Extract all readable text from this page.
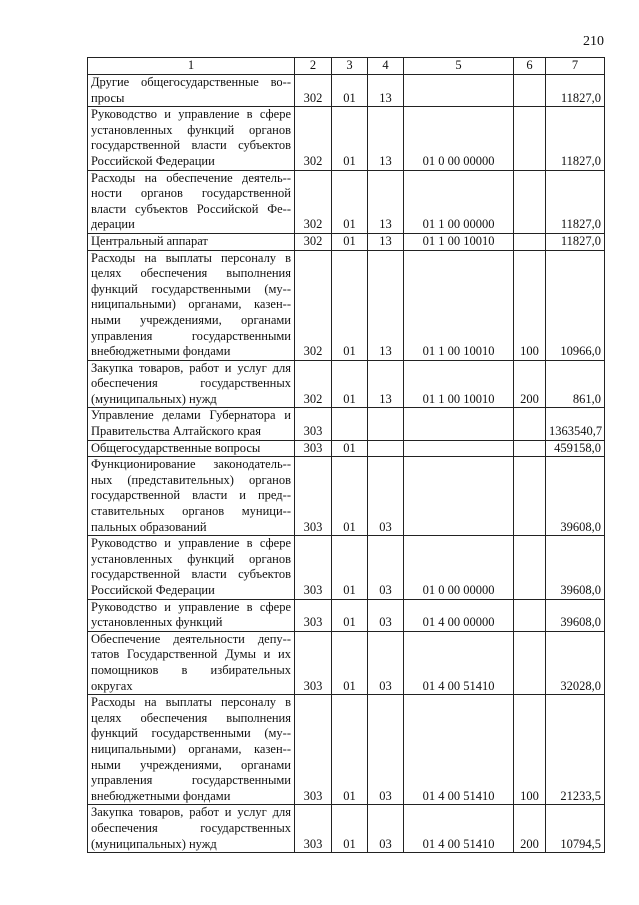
210
1	2	3	4	5	6	7
Другие общегосударственные во-просы	302	01	13			11827,0
Руководство и управление в сфере установленных функций органов государственной власти субъектов Российской Федерации	302	01	13	01 0 00 00000		11827,0
Расходы на обеспечение деятель-ности органов государственной власти субъектов Российской Фе-дерации	302	01	13	01 1 00 00000		11827,0
Центральный аппарат	302	01	13	01 1 00 10010		11827,0
Расходы на выплаты персоналу в целях обеспечения выполнения функций государственными (му-ниципальными) органами, казен-ными учреждениями, органами управления государственными внебюджетными фондами	302	01	13	01 1 00 10010	100	10966,0
Закупка товаров, работ и услуг для обеспечения государственных (муниципальных) нужд	302	01	13	01 1 00 10010	200	861,0
Управление делами Губернатора и Правительства Алтайского края	303					1363540,7
Общегосударственные вопросы	303	01				459158,0
Функционирование законодатель-ных (представительных) органов государственной власти и пред-ставительных органов муници-пальных образований	303	01	03			39608,0
Руководство и управление в сфере установленных функций органов государственной власти субъектов Российской Федерации	303	01	03	01 0 00 00000		39608,0
Руководство и управление в сфере установленных функций	303	01	03	01 4 00 00000		39608,0
Обеспечение деятельности депу-татов Государственной Думы и их помощников в избирательных округах	303	01	03	01 4 00 51410		32028,0
Расходы на выплаты персоналу в целях обеспечения выполнения функций государственными (му-ниципальными) органами, казен-ными учреждениями, органами управления государственными внебюджетными фондами	303	01	03	01 4 00 51410	100	21233,5
Закупка товаров, работ и услуг для обеспечения государственных (муниципальных) нужд	303	01	03	01 4 00 51410	200	10794,5
